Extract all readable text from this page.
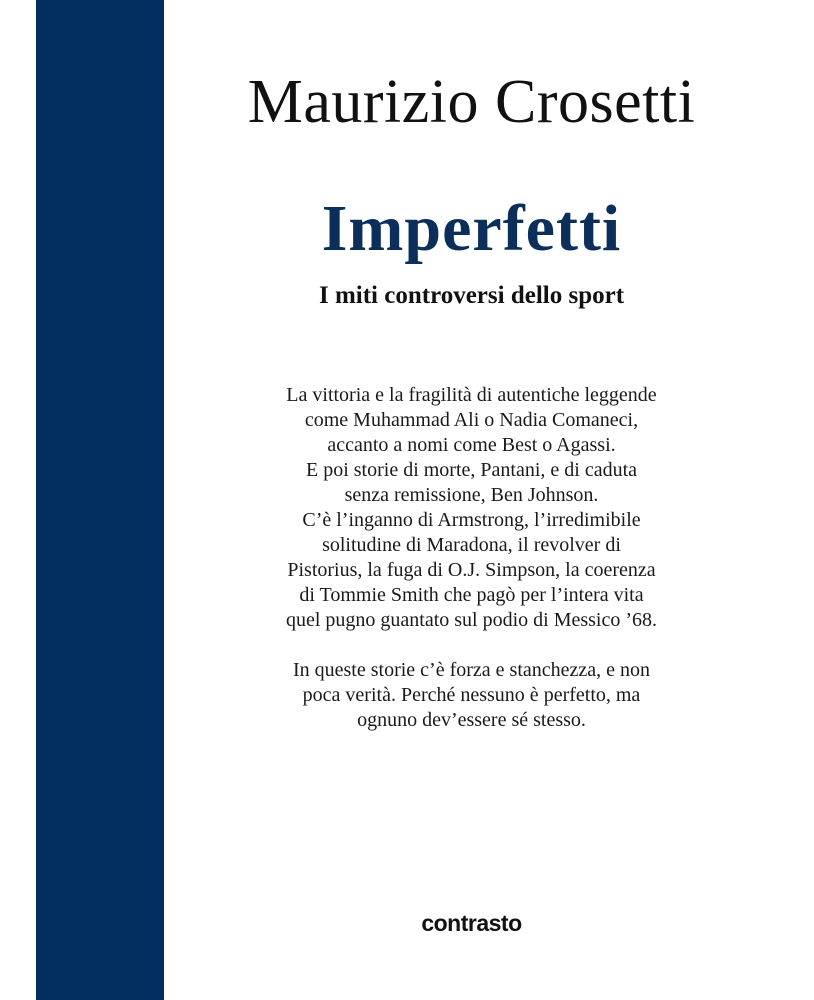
Maurizio Crosetti
Imperfetti
I miti controversi dello sport
La vittoria e la fragilità di autentiche leggende
come Muhammad Ali o Nadia Comaneci,
accanto a nomi come Best o Agassi.
E poi storie di morte, Pantani, e di caduta
senza remissione, Ben Johnson.
C’è l’inganno di Armstrong, l’irredimibile
solitudine di Maradona, il revolver di
Pistorius, la fuga di O.J. Simpson, la coerenza
di Tommie Smith che pagò per l’intera vita
quel pugno guantato sul podio di Messico ’68.
In queste storie c’è forza e stanchezza, e non
poca verità. Perché nessuno è perfetto, ma
ognuno dev’essere sé stesso.
contrasto
